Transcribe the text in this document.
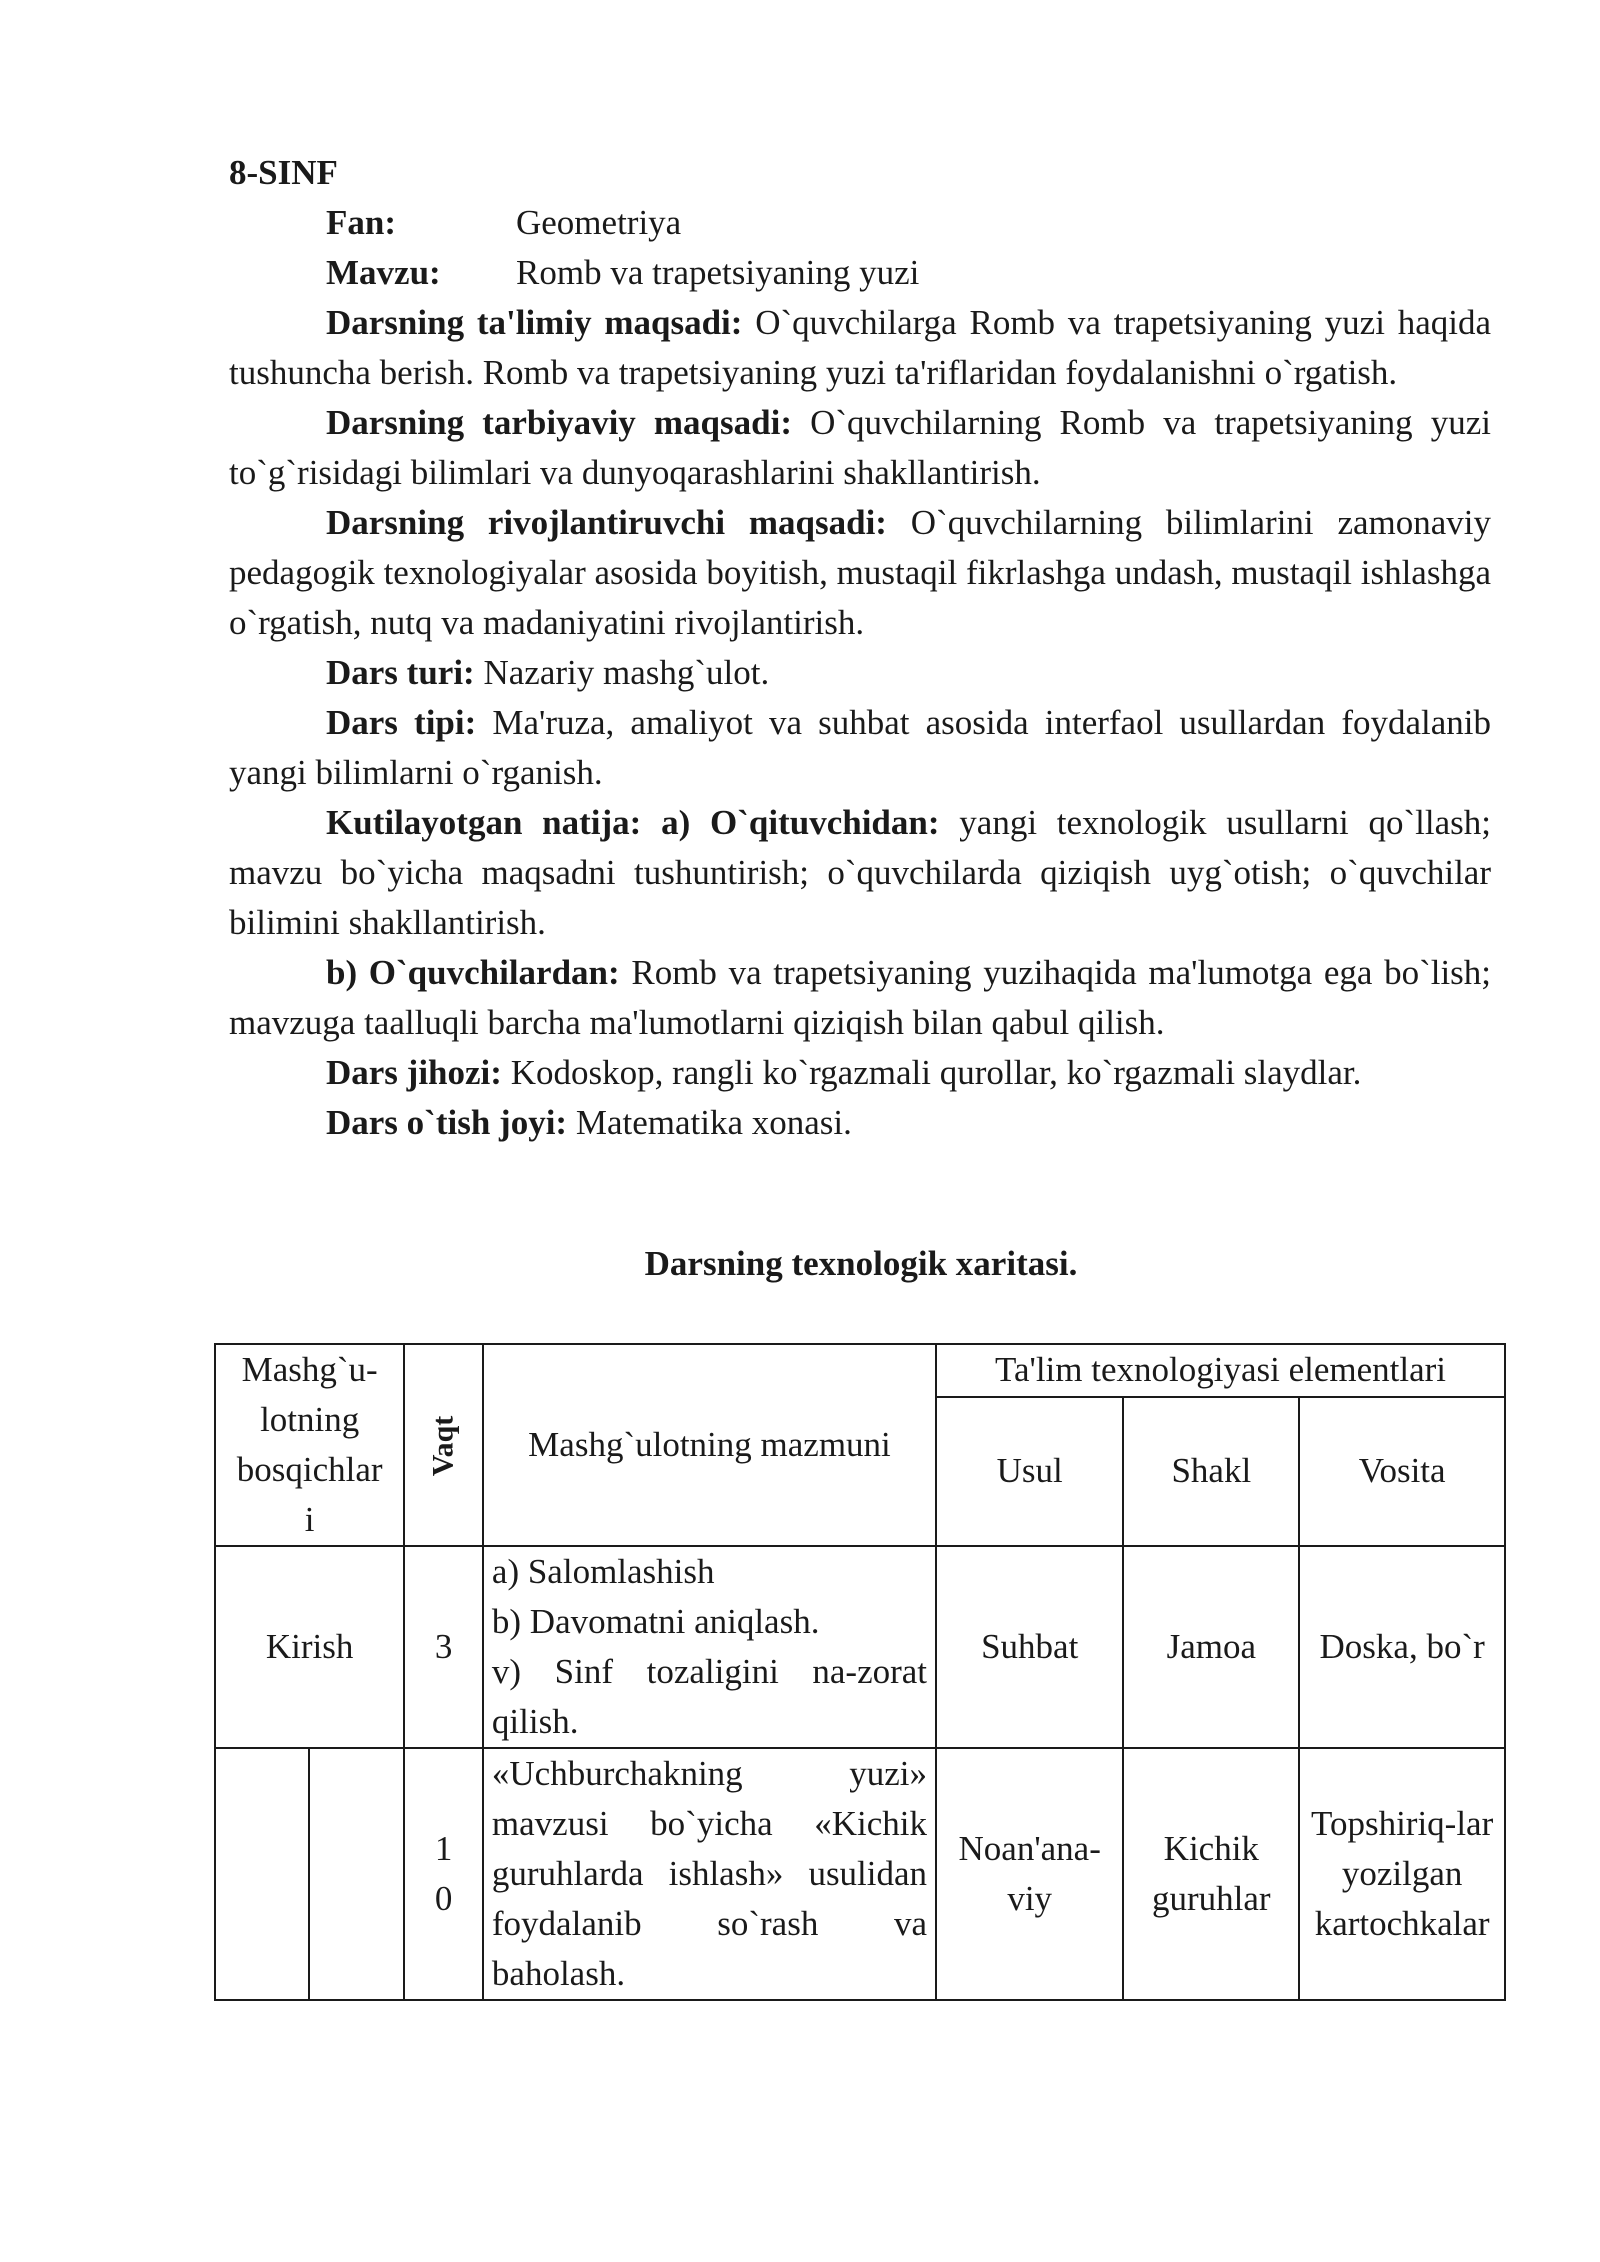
8-SINF

Fan:	Geometriya

Mavzu: Romb va trapetsiyaning yuzi

Darsning ta'limiy maqsadi: O`quvchilarga Romb va trapetsiyaning yuzi haqida tushuncha berish. Romb va trapetsiyaning yuzi ta'riflaridan foydalanishni o`rgatish.

Darsning tarbiyaviy maqsadi: O`quvchilarning Romb va trapetsiyaning yuzi to`g`risidagi bilimlari va dunyoqarashlarini shakllantirish.

Darsning rivojlantiruvchi maqsadi: O`quvchilarning bilimlarini zamonaviy pedagogik texnologiyalar asosida boyitish, mustaqil fikrlashga undash, mustaqil ishlashga o`rgatish, nutq va madaniyatini rivojlantirish.

Dars turi: Nazariy mashg`ulot.

Dars tipi: Ma'ruza, amaliyot va suhbat asosida interfaol usullardan foydalanib yangi bilimlarni o`rganish.

Kutilayotgan natija: a) O`qituvchidan: yangi texnologik usullarni qo`llash; mavzu bo`yicha maqsadni tushuntirish; o`quvchilarda qiziqish uyg`otish; o`quvchilar bilimini shakllantirish.

b) O`quvchilardan: Romb va trapetsiyaning yuzihaqida ma'lumotga ega bo`lish; mavzuga taalluqli barcha ma'lumotlarni qiziqish bilan qabul qilish.

Dars jihozi: Kodoskop, rangli ko`rgazmali qurollar, ko`rgazmali slaydlar.

Dars o`tish joyi: Matematika xonasi.

Darsning texnologik xaritasi.
Mashg`u-
lotning
bosqichlar
i		Vaqt	Mashg`ulotning mazmuni	Ta'lim texnologiyasi elementlari		
				Usul	Shakl	Vosita
Kirish		3	a) Salomlashish
b) Davomatni aniqlash.
v) Sinf tozaligini na-zorat qilish.	Suhbat	Jamoa	Doska, bo`r
		10	«Uchburchakning yuzi» mavzusi bo`yicha «Kichik guruhlarda ishlash» usulidan foydalanib so`rash va baholash.	Noan'ana-viy	Kichik guruhlar	Topshiriq-lar yozilgan kartochkalar
